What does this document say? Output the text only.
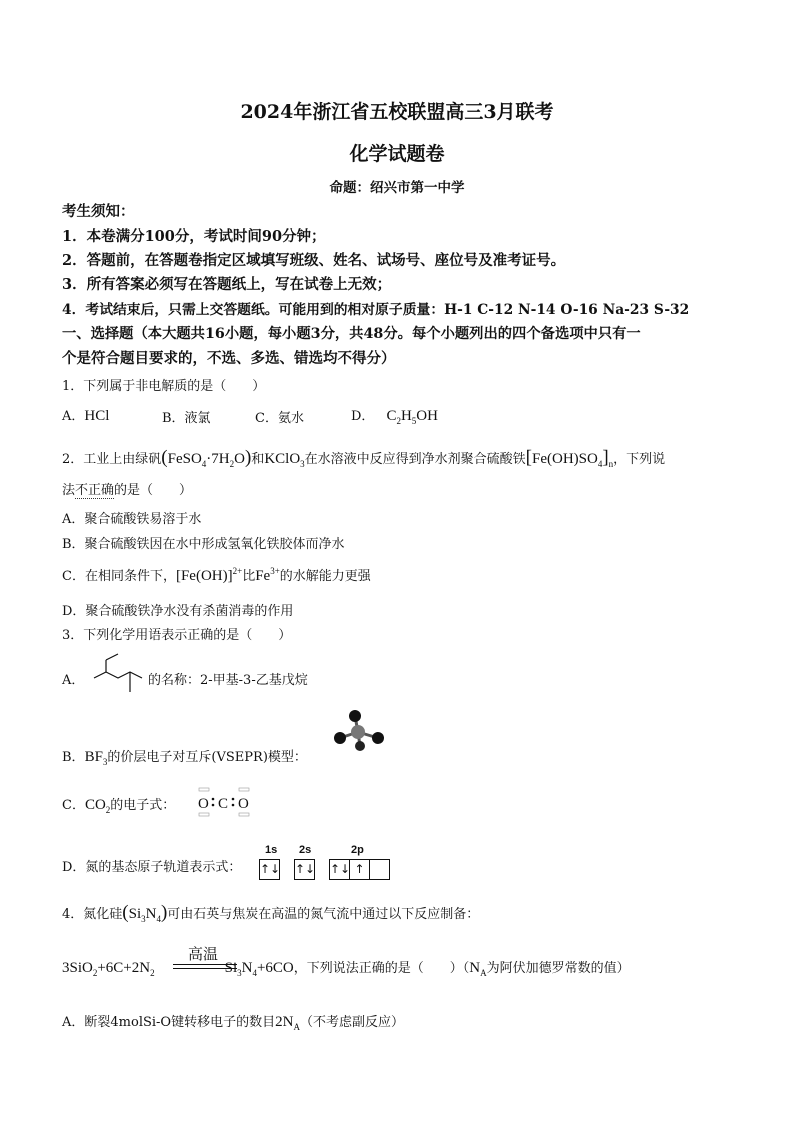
2024年浙江省五校联盟高三3月联考
化学试题卷
命题：绍兴市第一中学
考生须知：
1．本卷满分100分，考试时间90分钟；
2．答题前，在答题卷指定区域填写班级、姓名、试场号、座位号及准考证号。
3．所有答案必须写在答题纸上，写在试卷上无效；
4．考试结束后，只需上交答题纸。可能用到的相对原子质量：H-1 C-12 N-14 O-16 Na-23 S-32
一、选择题（本大题共16小题，每小题3分，共48分。每个小题列出的四个备选项中只有一
个是符合题目要求的，不选、多选、错选均不得分）
1．下列属于非电解质的是（　　）
A．HCl	B．液氯	C．氨水	D． $C_2H_5OH$
2．工业上由绿矾$(FeSO_4\cdot 7H_2O)$和KClO$_3$在水溶液中反应得到净水剂聚合硫酸铁$[Fe(OH)SO_4]_n$，下列说
法不正确的是（　　）
A．聚合硫酸铁易溶于水
B．聚合硫酸铁因在水中形成氢氧化铁胶体而净水
C．在相同条件下，$[Fe(OH)]^{2+}$比$Fe^{3+}$的水解能力更强
D．聚合硫酸铁净水没有杀菌消毒的作用
3．下列化学用语表示正确的是（　　）
A．	的名称：2-甲基-3-乙基戊烷
B．$BF_3$的价层电子对互斥(VSEPR)模型：
C．$CO_2$的电子式： O C O
D．氮的基态原子轨道表示式：
1s
↑↓
2s
↑↓
2p
↑↓ ↑
4．氮化硅$(Si_3N_4)$可由石英与焦炭在高温的氮气流中通过以下反应制备：
高温
$3SiO_2+6C+2N_2$	$Si_3N_4+6CO$，下列说法正确的是（　　）（$N_A$为阿伏加德罗常数的值）
A．断裂4molSi-O键转移电子的数目$2N_A$（不考虑副反应）
